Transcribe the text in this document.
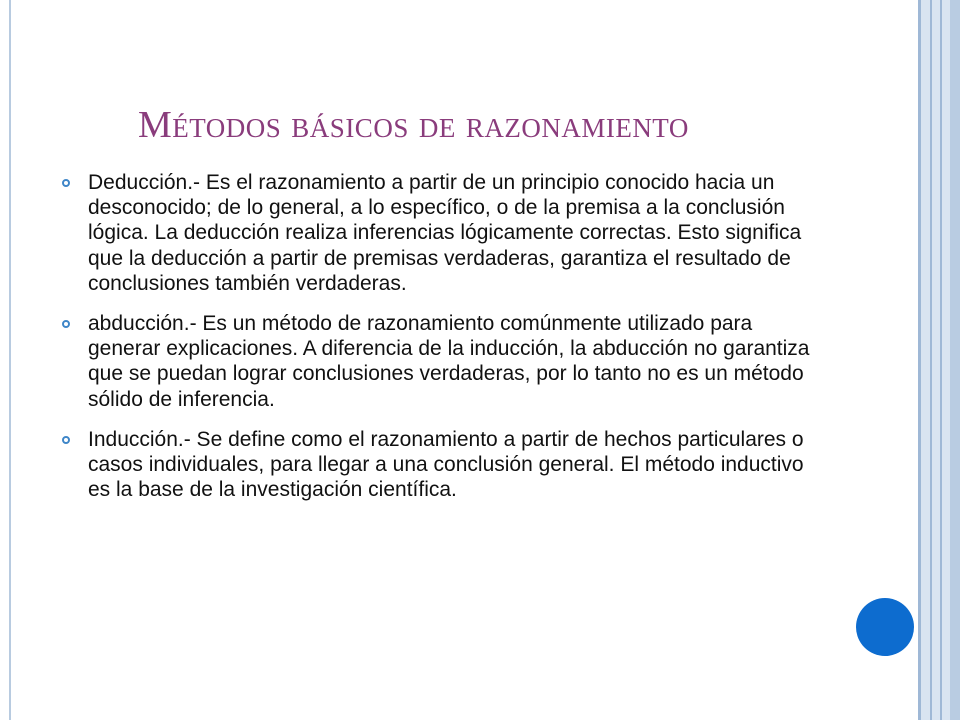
Métodos básicos de razonamiento
Deducción.- Es el razonamiento a partir de un principio conocido hacia un desconocido; de lo general, a lo específico, o de la premisa a la conclusión lógica. La deducción realiza inferencias lógicamente correctas. Esto significa que la deducción a partir de premisas verdaderas, garantiza el resultado de conclusiones también verdaderas.
abducción.- Es un método de razonamiento comúnmente utilizado para generar explicaciones. A diferencia de la inducción, la abducción no garantiza que se puedan lograr conclusiones verdaderas, por lo tanto no es un método sólido de inferencia.
Inducción.- Se define como el razonamiento a partir de hechos particulares o casos individuales, para llegar a una conclusión general. El método inductivo es la base de la investigación científica.
